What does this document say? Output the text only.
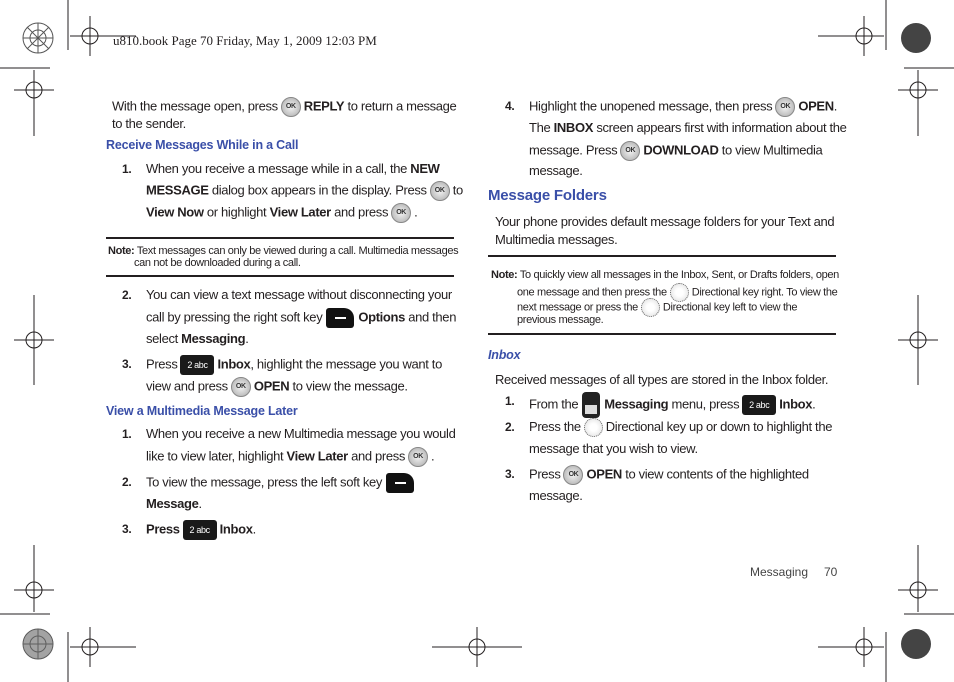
u810.book Page 70 Friday, May 1, 2009 12:03 PM
With the message open, press OK REPLY to return a message
to the sender.
Receive Messages While in a Call
1. When you receive a message while in a call, the NEW
MESSAGE dialog box appears in the display. Press OK to
View Now or highlight View Later and press OK .
Note: Text messages can only be viewed during a call. Multimedia messages
can not be downloaded during a call.
2. You can view a text message without disconnecting your
call by pressing the right soft key	Options and then
select Messaging.
3. Press 2 abc Inbox, highlight the message you want to
view and press OK OPEN to view the message.
View a Multimedia Message Later
1. When you receive a new Multimedia message you would
like to view later, highlight View Later and press OK .
2. To view the message, press the left soft key
Message.
3. Press 2 abc Inbox.
4. Highlight the unopened message, then press OK OPEN.
The INBOX screen appears first with information about the
message. Press OK DOWNLOAD to view Multimedia
message.
Message Folders
Your phone provides default message folders for your Text and
Multimedia messages.
Note: To quickly view all messages in the Inbox, Sent, or Drafts folders, open
one message and then press the Directional key right. To view the
next message or press the Directional key left to view the
previous message.
Inbox
Received messages of all types are stored in the Inbox folder.
1. From the Messaging menu, press 2 abc Inbox.
2. Press the Directional key up or down to highlight the
message that you wish to view.
3. Press OK OPEN to view contents of the highlighted
message.
Messaging 70
